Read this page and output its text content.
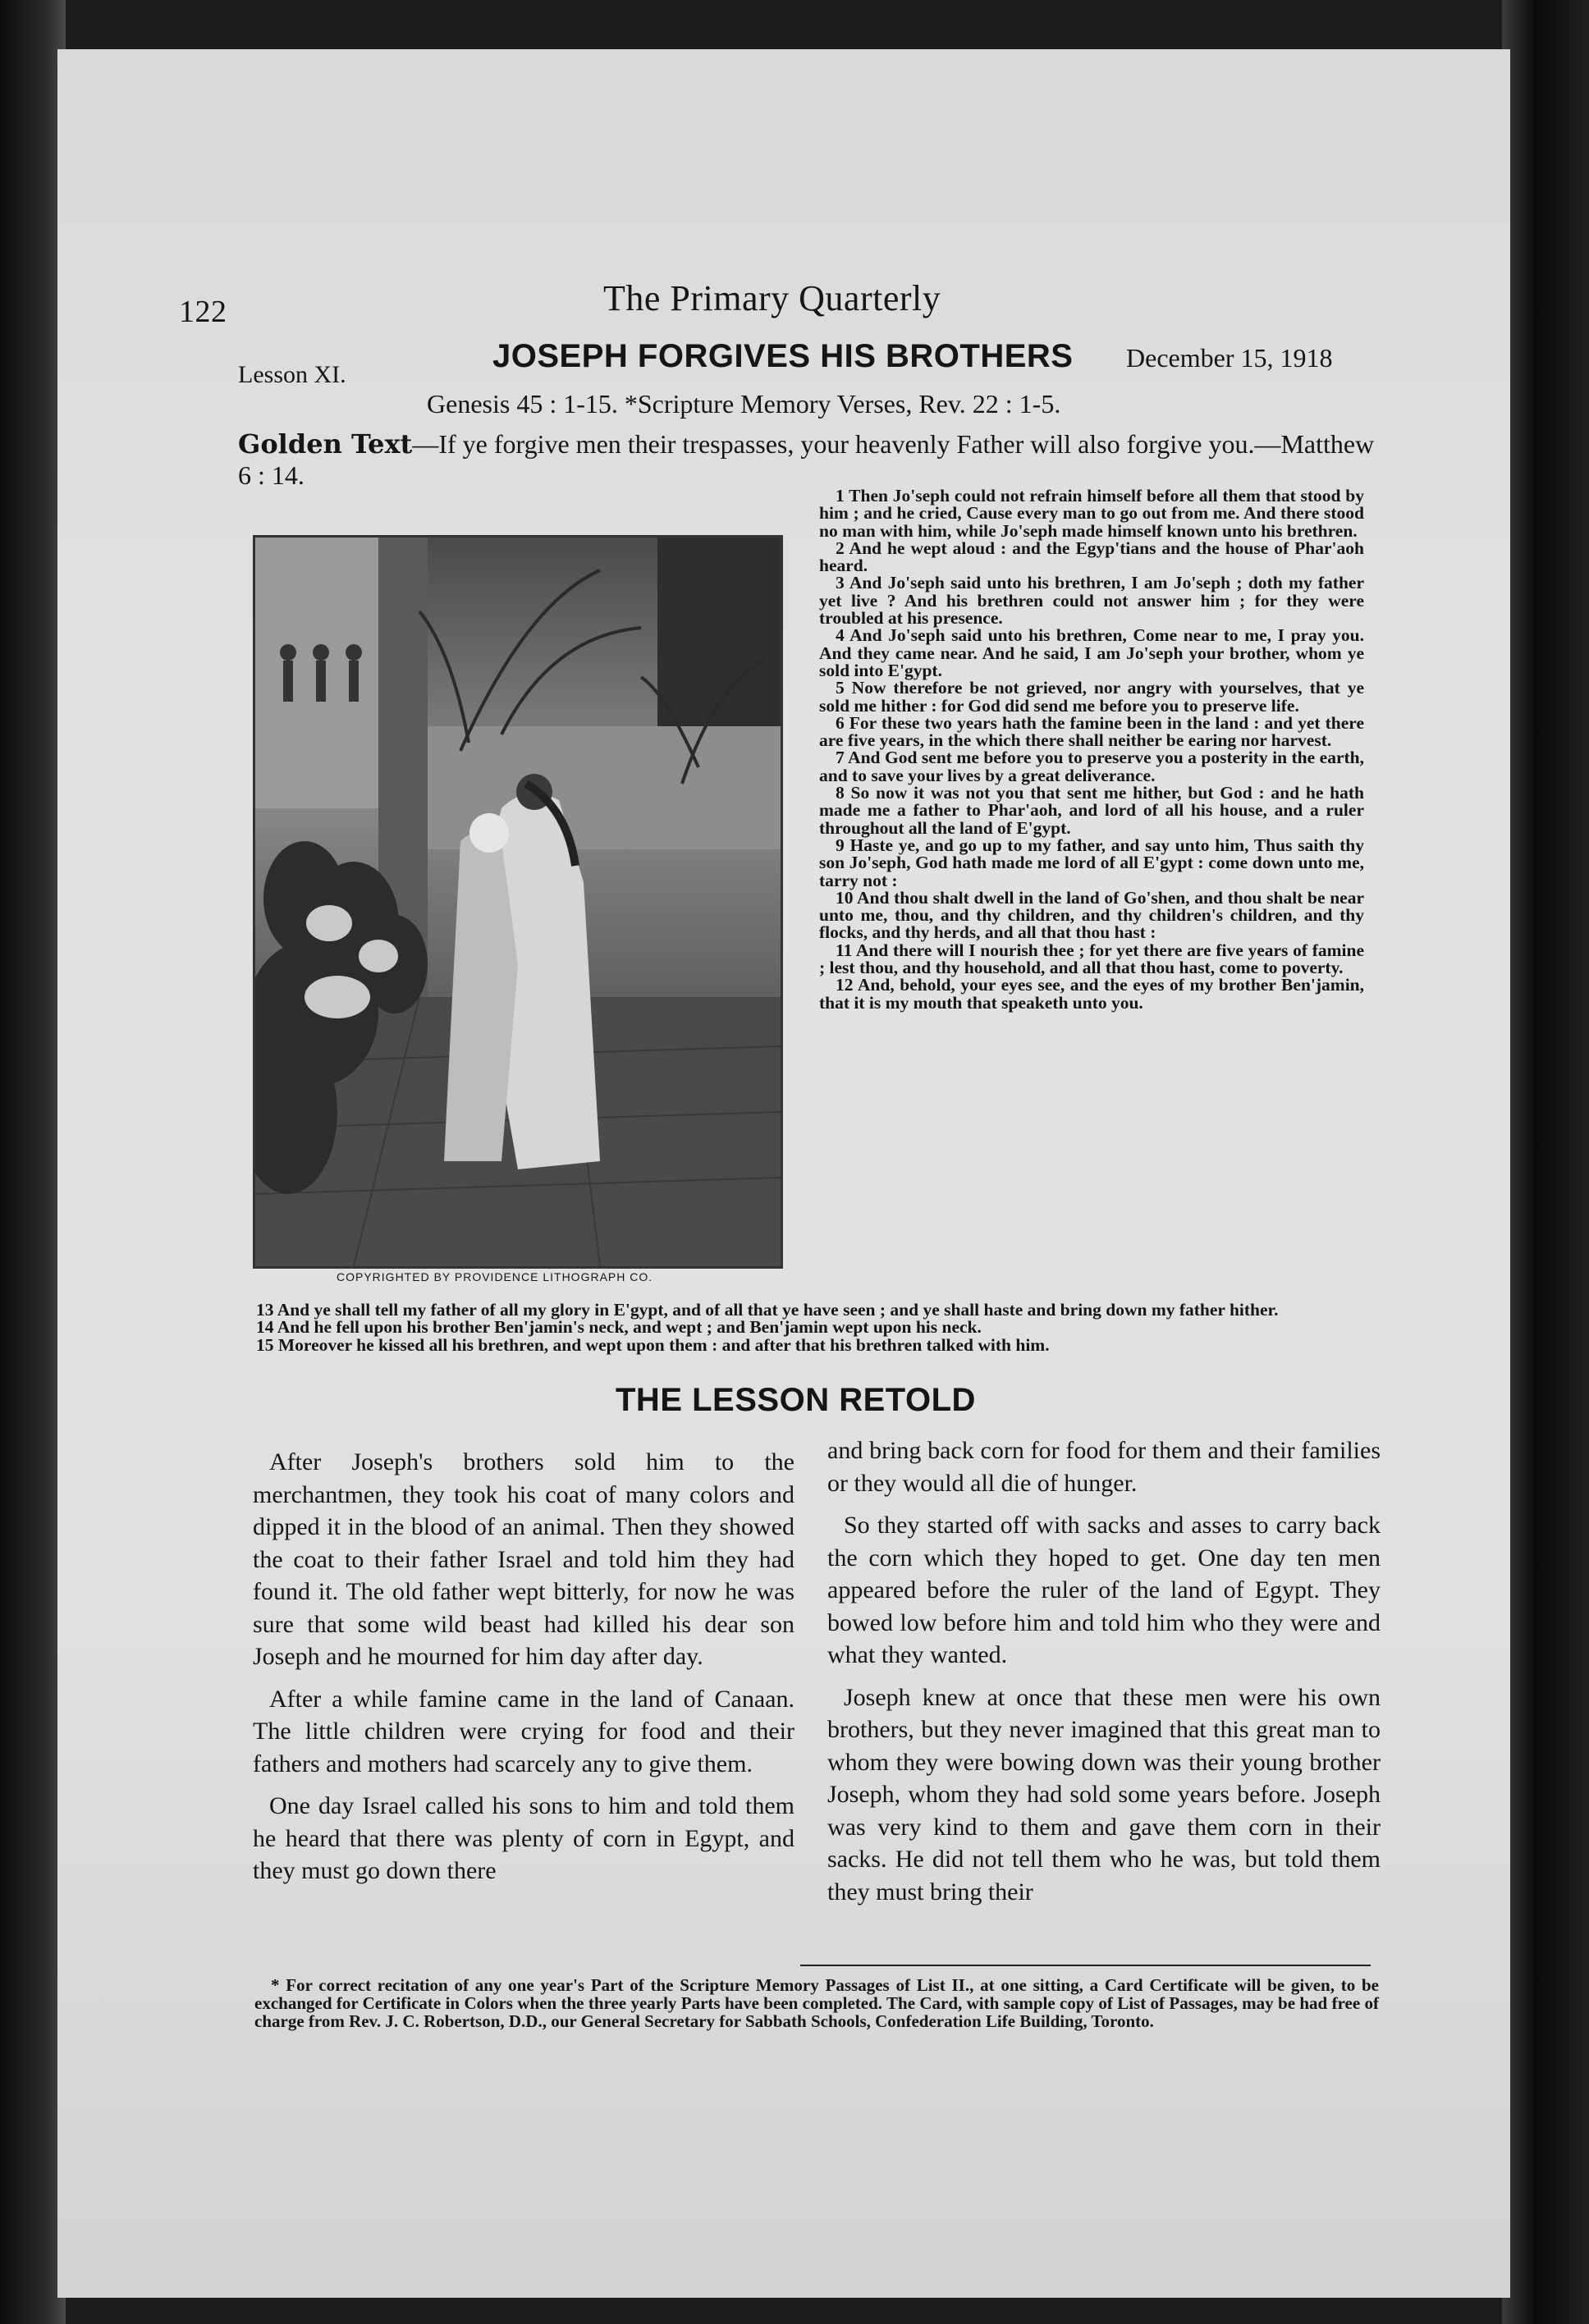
122	The Primary Quarterly
Lesson XI.
JOSEPH FORGIVES HIS BROTHERS December 15, 1918
Genesis 45 : 1-15. *Scripture Memory Verses, Rev. 22 : 1-5.
Golden Text—If ye forgive men their trespasses, your heavenly Father will also forgive you.—Matthew 6 : 14.
COPYRIGHTED BY PROVIDENCE LITHOGRAPH CO.

1 Then Jo'seph could not refrain himself before all them that stood by him ; and he cried, Cause every man to go out from me. And there stood no man with him, while Jo'seph made himself known unto his brethren.

2 And he wept aloud : and the Egyp'tians and the house of Phar'aoh heard.

3 And Jo'seph said unto his brethren, I am Jo'seph ; doth my father yet live ? And his brethren could not answer him ; for they were troubled at his presence.

4 And Jo'seph said unto his brethren, Come near to me, I pray you. And they came near. And he said, I am Jo'seph your brother, whom ye sold into E'gypt.

5 Now therefore be not grieved, nor angry with yourselves, that ye sold me hither : for God did send me before you to preserve life.

6 For these two years hath the famine been in the land : and yet there are five years, in the which there shall neither be earing nor harvest.

7 And God sent me before you to preserve you a posterity in the earth, and to save your lives by a great deliverance.

8 So now it was not you that sent me hither, but God : and he hath made me a father to Phar'aoh, and lord of all his house, and a ruler throughout all the land of E'gypt.

9 Haste ye, and go up to my father, and say unto him, Thus saith thy son Jo'seph, God hath made me lord of all E'gypt : come down unto me, tarry not :

10 And thou shalt dwell in the land of Go'shen, and thou shalt be near unto me, thou, and thy children, and thy children's children, and thy flocks, and thy herds, and all that thou hast :

11 And there will I nourish thee ; for yet there are five years of famine ; lest thou, and thy household, and all that thou hast, come to poverty.

12 And, behold, your eyes see, and the eyes of my brother Ben'jamin, that it is my mouth that speaketh unto you.

13 And ye shall tell my father of all my glory in E'gypt, and of all that ye have seen ; and ye shall haste and bring down my father hither.

14 And he fell upon his brother Ben'jamin's neck, and wept ; and Ben'jamin wept upon his neck.

15 Moreover he kissed all his brethren, and wept upon them : and after that his brethren talked with him.

THE LESSON RETOLD

After Joseph's brothers sold him to the merchantmen, they took his coat of many colors and dipped it in the blood of an animal. Then they showed the coat to their father Israel and told him they had found it. The old father wept bitterly, for now he was sure that some wild beast had killed his dear son Joseph and he mourned for him day after day.

After a while famine came in the land of Canaan. The little children were crying for food and their fathers and mothers had scarcely any to give them.

One day Israel called his sons to him and told them he heard that there was plenty of corn in Egypt, and they must go down there

and bring back corn for food for them and their families or they would all die of hunger.

So they started off with sacks and asses to carry back the corn which they hoped to get. One day ten men appeared before the ruler of the land of Egypt. They bowed low before him and told him who they were and what they wanted.

Joseph knew at once that these men were his own brothers, but they never imagined that this great man to whom they were bowing down was their young brother Joseph, whom they had sold some years before. Joseph was very kind to them and gave them corn in their sacks. He did not tell them who he was, but told them they must bring their

* For correct recitation of any one year's Part of the Scripture Memory Passages of List II., at one sitting, a Card Certificate will be given, to be exchanged for Certificate in Colors when the three yearly Parts have been completed. The Card, with sample copy of List of Passages, may be had free of charge from Rev. J. C. Robertson, D.D., our General Secretary for Sabbath Schools, Confederation Life Building, Toronto.
